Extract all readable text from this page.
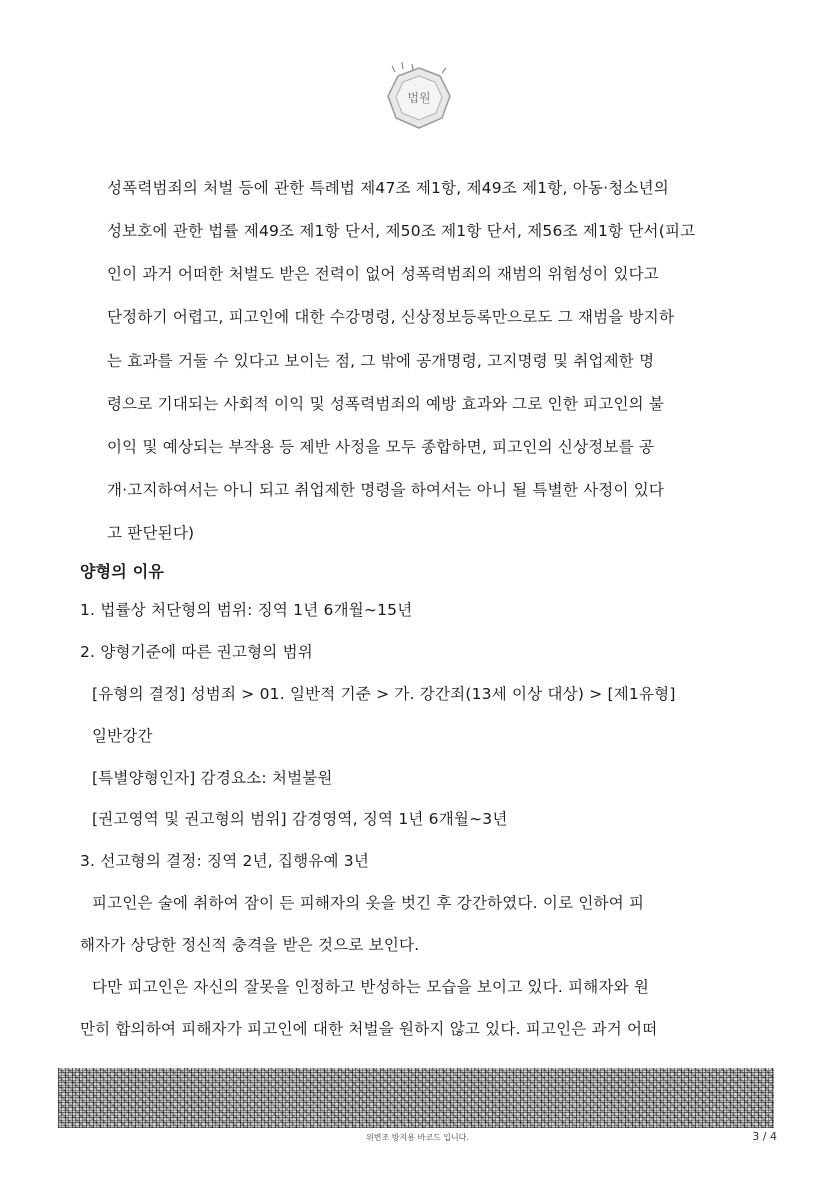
법원
성폭력범죄의 처벌 등에 관한 특례법 제47조 제1항, 제49조 제1항, 아동·청소년의
성보호에 관한 법률 제49조 제1항 단서, 제50조 제1항 단서, 제56조 제1항 단서(피고
인이 과거 어떠한 처벌도 받은 전력이 없어 성폭력범죄의 재범의 위험성이 있다고
단정하기 어렵고, 피고인에 대한 수강명령, 신상정보등록만으로도 그 재범을 방지하
는 효과를 거둘 수 있다고 보이는 점, 그 밖에 공개명령, 고지명령 및 취업제한 명
령으로 기대되는 사회적 이익 및 성폭력범죄의 예방 효과와 그로 인한 피고인의 불
이익 및 예상되는 부작용 등 제반 사정을 모두 종합하면, 피고인의 신상정보를 공
개·고지하여서는 아니 되고 취업제한 명령을 하여서는 아니 될 특별한 사정이 있다
고 판단된다)
양형의 이유
1. 법률상 처단형의 범위: 징역 1년 6개월∼15년
2. 양형기준에 따른 권고형의 범위
[유형의 결정] 성범죄 > 01. 일반적 기준 > 가. 강간죄(13세 이상 대상) > [제1유형]
일반강간
[특별양형인자] 감경요소: 처벌불원
[권고영역 및 권고형의 범위] 감경영역, 징역 1년 6개월∼3년
3. 선고형의 결정: 징역 2년, 집행유예 3년
피고인은 술에 취하여 잠이 든 피해자의 옷을 벗긴 후 강간하였다. 이로 인하여 피
해자가 상당한 정신적 충격을 받은 것으로 보인다.
다만 피고인은 자신의 잘못을 인정하고 반성하는 모습을 보이고 있다. 피해자와 원
만히 합의하여 피해자가 피고인에 대한 처벌을 원하지 않고 있다. 피고인은 과거 어떠
위변조 방지용 바코드 입니다.	3 / 4
